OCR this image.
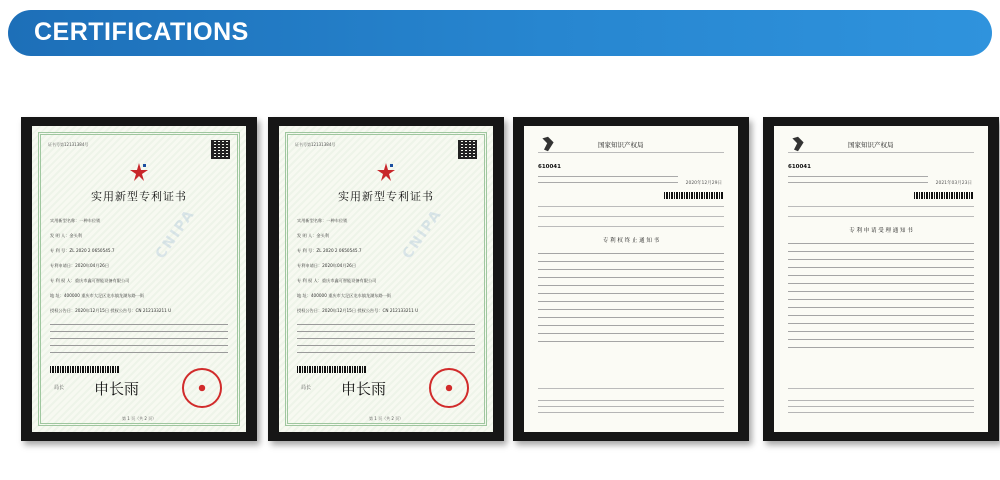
CERTIFICATIONS
证书号第12131384号
CNIPA
实用新型专利证书
实用新型名称：一种车位锁
发 明 人：金头利
专 利 号：ZL 2020 2 0650545.7
专利申请日：2020年04月26日
专 利 权 人：重庆市鑫可智能设备有限公司
地 址：400000 重庆市大足区龙水镇龙湖东路一街
授权公告日：2020年12月15日 授权公告号：CN 212133211 U
局长 申长雨
第 1 页（共 2 页）
证书号第12131384号
CNIPA
实用新型专利证书
实用新型名称：一种车位锁
发 明 人：金头利
专 利 号：ZL 2020 2 0650545.7
专利申请日：2020年04月26日
专 利 权 人：重庆市鑫可智能设备有限公司
地 址：400000 重庆市大足区龙水镇龙湖东路一街
授权公告日：2020年12月15日 授权公告号：CN 212133211 U
局长 申长雨
第 1 页（共 2 页）
国家知识产权局
610041
2020年12月29日
专 利 权 终 止 通 知 书
国家知识产权局
610041
2021年03月23日
专 利 申 请 受 理 通 知 书
